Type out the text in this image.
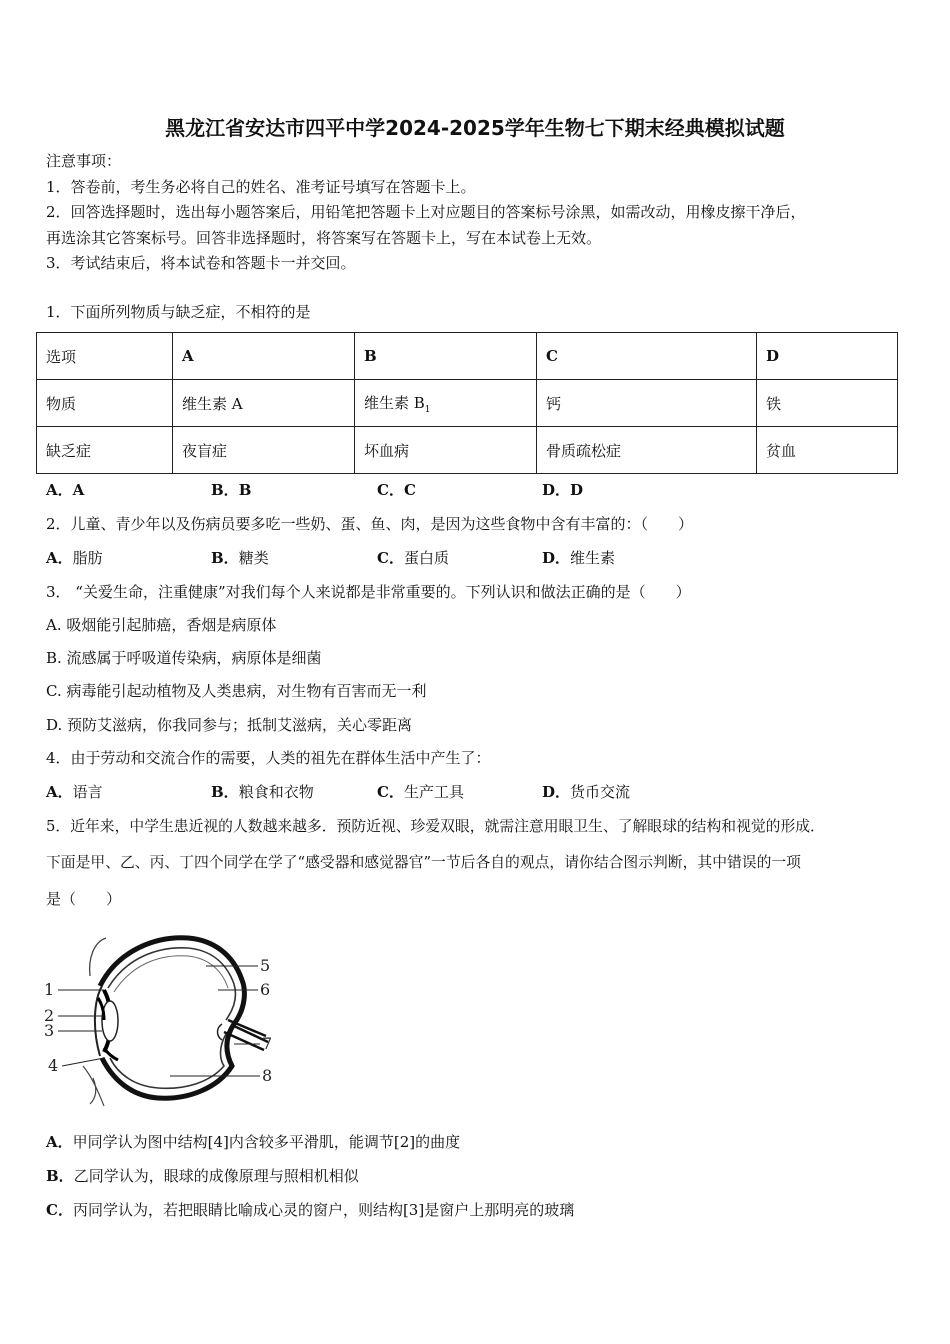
黑龙江省安达市四平中学2024-2025学年生物七下期末经典模拟试题
注意事项：
1．答卷前，考生务必将自己的姓名、准考证号填写在答题卡上。
2．回答选择题时，选出每小题答案后，用铅笔把答题卡上对应题目的答案标号涂黑，如需改动，用橡皮擦干净后，
再选涂其它答案标号。回答非选择题时，将答案写在答题卡上，写在本试卷上无效。
3．考试结束后，将本试卷和答题卡一并交回。
1．下面所列物质与缺乏症，不相符的是
选项	A	B	C	D
物质	维生素 A	维生素 $B_1$	钙	铁
缺乏症	夜盲症	坏血病	骨质疏松症	贫血
A．A	B．B	C．C	D．D
2．儿童、青少年以及伤病员要多吃一些奶、蛋、鱼、肉，是因为这些食物中含有丰富的：（　　）
A．脂肪	B．糖类	C．蛋白质	D．维生素
3． “关爱生命，注重健康”对我们每个人来说都是非常重要的。下列认识和做法正确的是（　　）
A. 吸烟能引起肺癌，香烟是病原体
B. 流感属于呼吸道传染病，病原体是细菌
C. 病毒能引起动植物及人类患病，对生物有百害而无一利
D. 预防艾滋病，你我同参与；抵制艾滋病，关心零距离
4．由于劳动和交流合作的需要，人类的祖先在群体生活中产生了：
A．语言	B．粮食和衣物	C．生产工具	D．货币交流
5．近年来，中学生患近视的人数越来越多．预防近视、珍爱双眼，就需注意用眼卫生、了解眼球的结构和视觉的形成．
下面是甲、乙、丙、丁四个同学在学了“感受器和感觉器官”一节后各自的观点，请你结合图示判断，其中错误的一项
是（　　）
1
2
3
4
5
6
7
8
A．甲同学认为图中结构[4]内含较多平滑肌，能调节[2]的曲度
B．乙同学认为，眼球的成像原理与照相机相似
C．丙同学认为，若把眼睛比喻成心灵的窗户，则结构[3]是窗户上那明亮的玻璃
